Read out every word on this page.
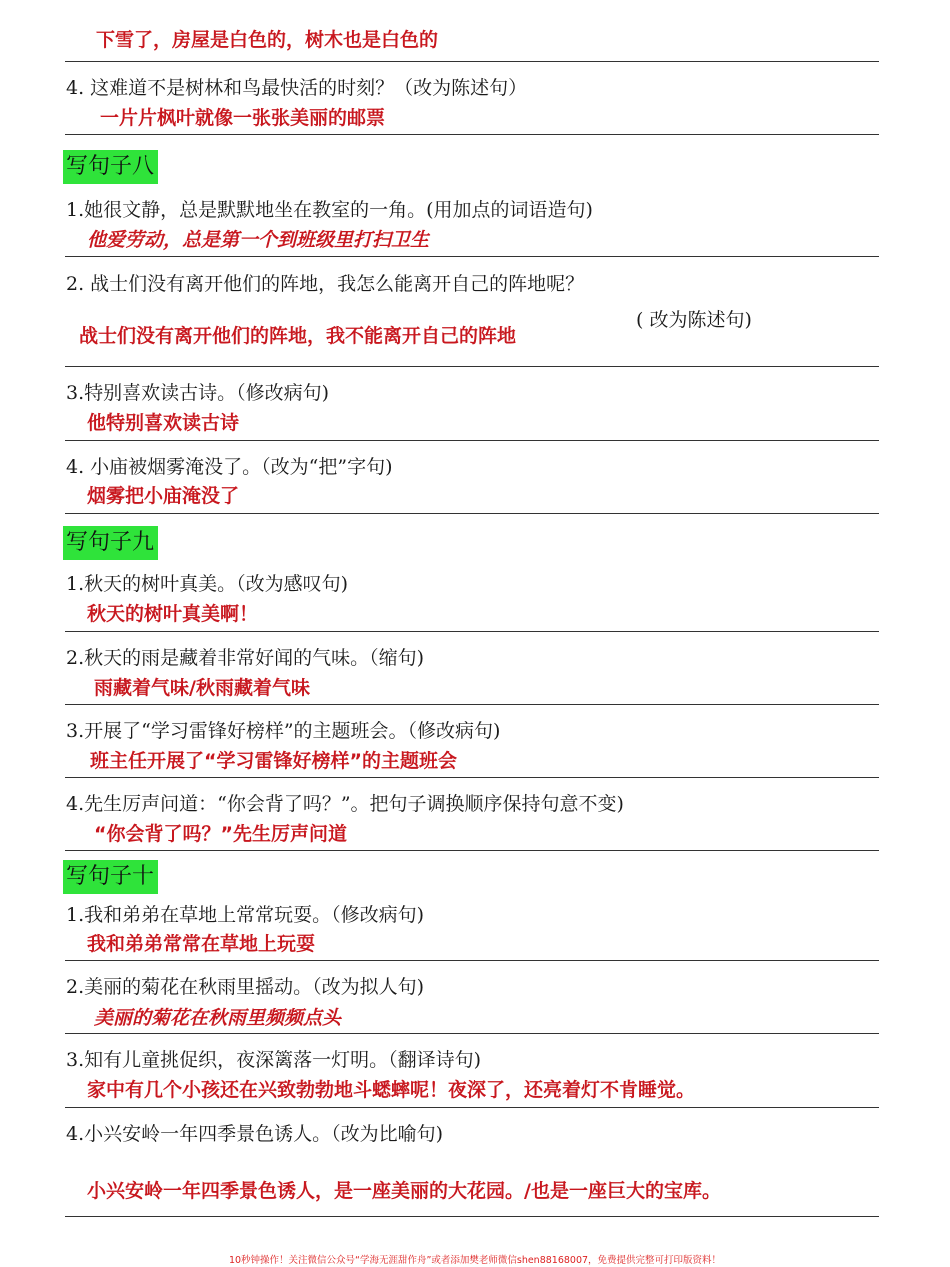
下雪了，房屋是白色的，树木也是白色的
4. 这难道不是树林和鸟最快活的时刻？（改为陈述句）
一片片枫叶就像一张张美丽的邮票
写句子八
1.她很文静，总是默默地坐在教室的一角。(用加点的词语造句)
他爱劳动，总是第一个到班级里打扫卫生
2. 战士们没有离开他们的阵地，我怎么能离开自己的阵地呢？
( 改为陈述句)
战士们没有离开他们的阵地，我不能离开自己的阵地
3.特别喜欢读古诗。（修改病句)
他特别喜欢读古诗
4. 小庙被烟雾淹没了。（改为“把”字句)
烟雾把小庙淹没了
写句子九
1.秋天的树叶真美。（改为感叹句)
秋天的树叶真美啊！
2.秋天的雨是藏着非常好闻的气味。（缩句)
雨藏着气味/秋雨藏着气味
3.开展了“学习雷锋好榜样”的主题班会。（修改病句)
班主任开展了“学习雷锋好榜样”的主题班会
4.先生厉声问道：“你会背了吗？”。把句子调换顺序保持句意不变)
“你会背了吗？”先生厉声问道
写句子十
1.我和弟弟在草地上常常玩耍。（修改病句)
我和弟弟常常在草地上玩耍
2.美丽的菊花在秋雨里摇动。（改为拟人句)
美丽的菊花在秋雨里频频点头
3.知有儿童挑促织，夜深篱落一灯明。（翻译诗句)
家中有几个小孩还在兴致勃勃地斗蟋蟀呢！夜深了，还亮着灯不肯睡觉。
4.小兴安岭一年四季景色诱人。（改为比喻句)
小兴安岭一年四季景色诱人，是一座美丽的大花园。/也是一座巨大的宝库。
10秒钟操作！关注微信公众号“学海无涯甜作舟”或者添加樊老师微信shen88168007，免费提供完整可打印版资料！
